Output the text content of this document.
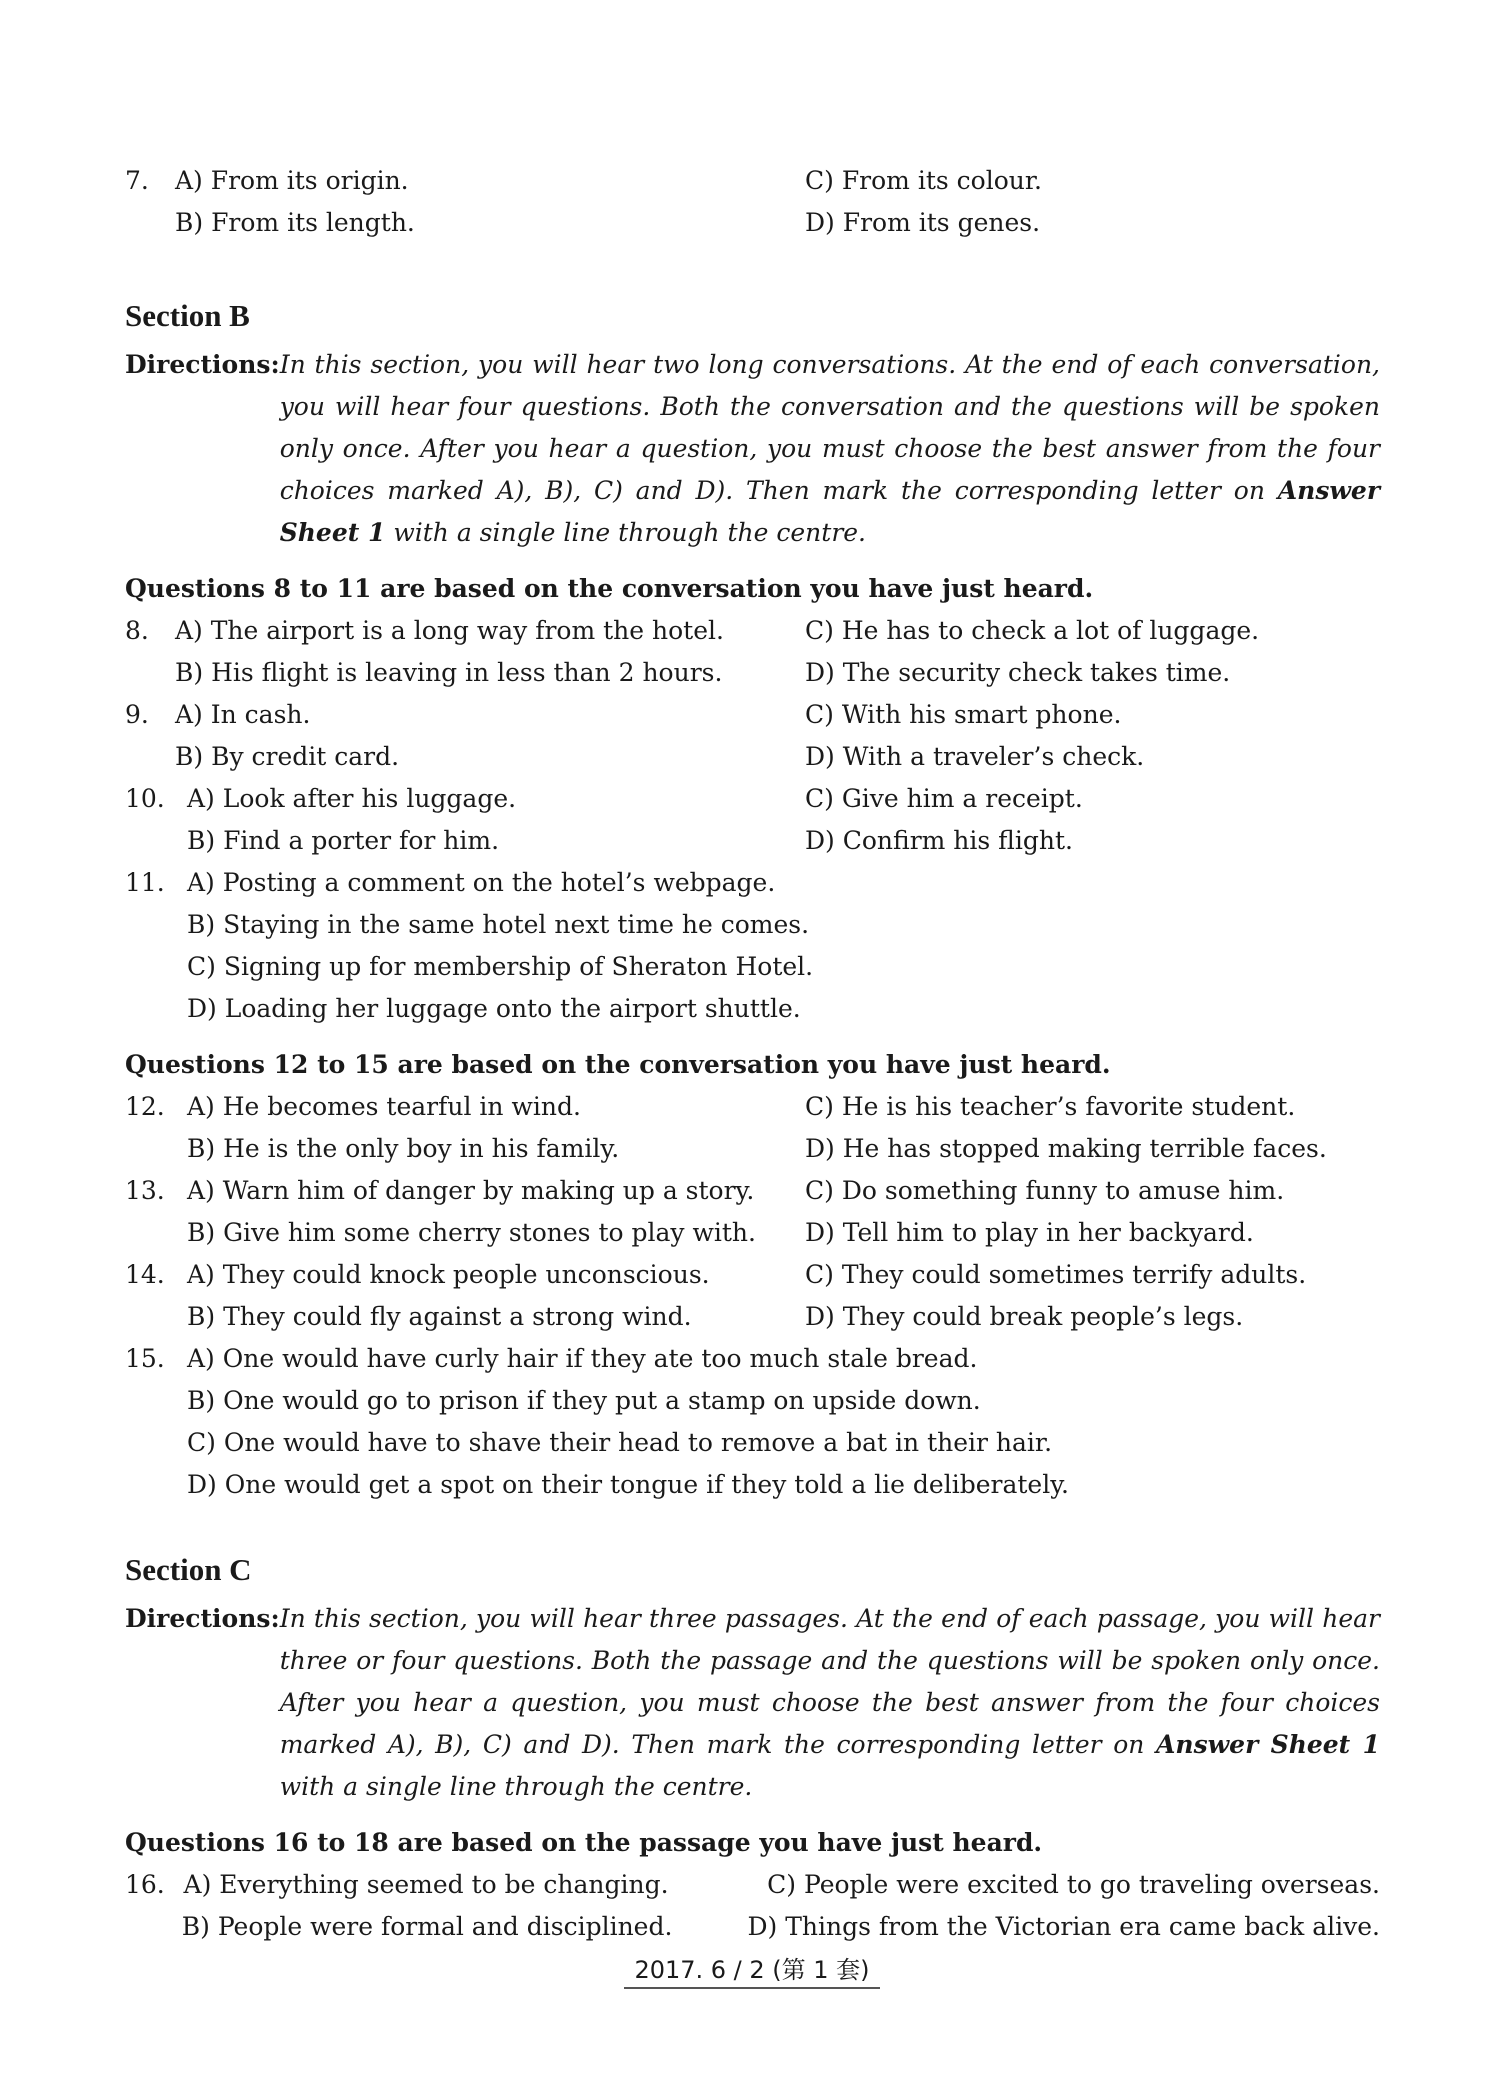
7.	A) From its origin.	C) From its colour.
B) From its length.	D) From its genes.
Section B
Directions: In this section, you will hear two long conversations. At the end of each conversation, you will hear four questions. Both the conversation and the questions will be spoken only once. After you hear a question, you must choose the best answer from the four choices marked A), B), C) and D). Then mark the corresponding letter on Answer Sheet 1 with a single line through the centre.
Questions 8 to 11 are based on the conversation you have just heard.
8.	A) The airport is a long way from the hotel.	C) He has to check a lot of luggage.
B) His flight is leaving in less than 2 hours.	D) The security check takes time.
9.	A) In cash.	C) With his smart phone.
B) By credit card.	D) With a traveler’s check.
10. A) Look after his luggage.	C) Give him a receipt.
B) Find a porter for him.	D) Confirm his flight.
11. A) Posting a comment on the hotel’s webpage.
B) Staying in the same hotel next time he comes.
C) Signing up for membership of Sheraton Hotel.
D) Loading her luggage onto the airport shuttle.
Questions 12 to 15 are based on the conversation you have just heard.
12. A) He becomes tearful in wind.	C) He is his teacher’s favorite student.
B) He is the only boy in his family.	D) He has stopped making terrible faces.
13. A) Warn him of danger by making up a story.	C) Do something funny to amuse him.
B) Give him some cherry stones to play with.	D) Tell him to play in her backyard.
14. A) They could knock people unconscious.	C) They could sometimes terrify adults.
B) They could fly against a strong wind.	D) They could break people’s legs.
15. A) One would have curly hair if they ate too much stale bread.
B) One would go to prison if they put a stamp on upside down.
C) One would have to shave their head to remove a bat in their hair.
D) One would get a spot on their tongue if they told a lie deliberately.
Section C
Directions: In this section, you will hear three passages. At the end of each passage, you will hear three or four questions. Both the passage and the questions will be spoken only once. After you hear a question, you must choose the best answer from the four choices marked A), B), C) and D). Then mark the corresponding letter on Answer Sheet 1 with a single line through the centre.
Questions 16 to 18 are based on the passage you have just heard.
16. A) Everything seemed to be changing.	C) People were excited to go traveling overseas.
B) People were formal and disciplined.	D) Things from the Victorian era came back alive.
2017. 6 / 2 (第 1 套)
